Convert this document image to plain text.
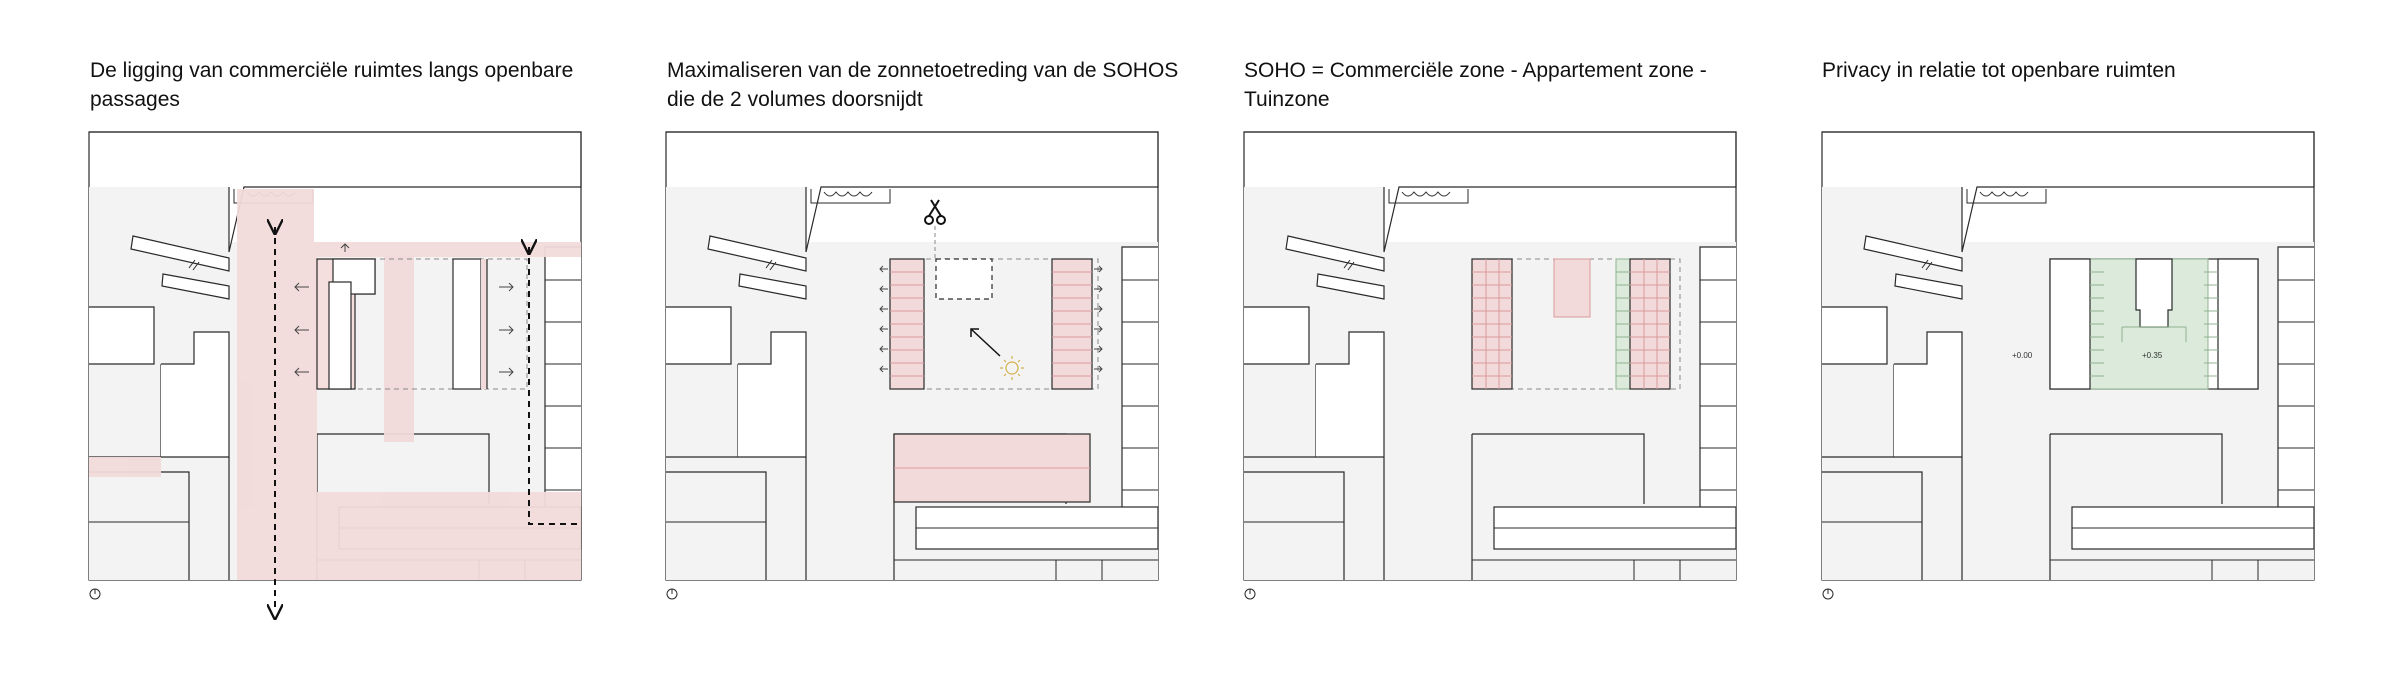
De ligging van commerciële ruimtes langs openbare passages
Maximaliseren van de zonnetoetreding van de SOHOS die de 2 volumes doorsnijdt
SOHO = Commerciële zone - Appartement zone - Tuinzone
Privacy in relatie tot openbare ruimten
+0.00	+0.35
